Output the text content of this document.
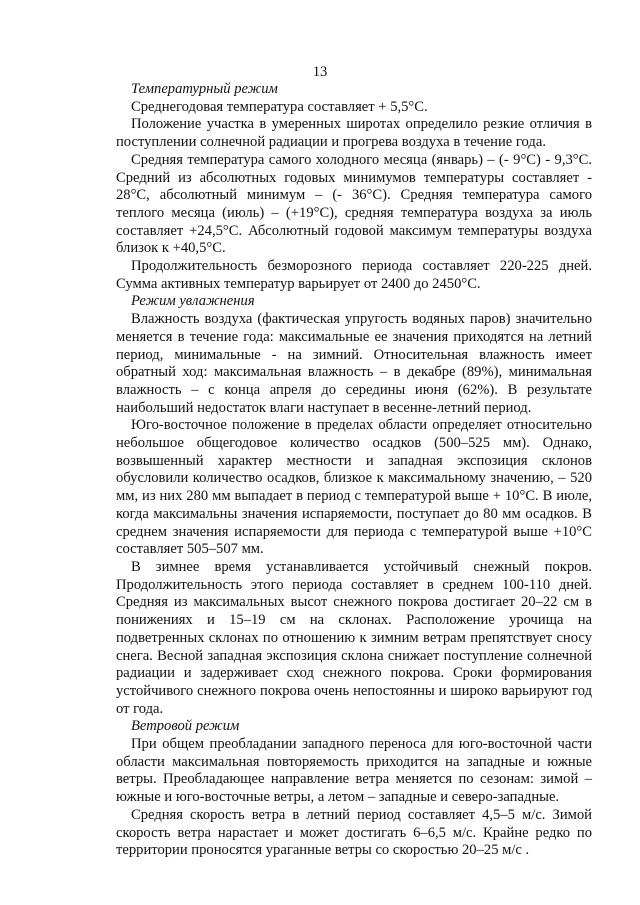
13
Температурный режим

Среднегодовая температура составляет + 5,5°С.

Положение участка в умеренных широтах определило резкие отличия в поступлении солнечной радиации и прогрева воздуха в течение года.

Средняя температура самого холодного месяца (январь) – (- 9°С) - 9,3°С. Средний из абсолютных годовых минимумов температуры составляет - 28°С, абсолютный минимум – (- 36°С). Средняя температура самого теплого месяца (июль) – (+19°С), средняя температура воздуха за июль составляет +24,5°С. Абсолютный годовой максимум температуры воздуха близок к +40,5°С.

Продолжительность безморозного периода составляет 220-225 дней. Сумма активных температур варьирует от 2400 до 2450°С.

Режим увлажнения

Влажность воздуха (фактическая упругость водяных паров) значительно меняется в течение года: максимальные ее значения приходятся на летний период, минимальные - на зимний. Относительная влажность имеет обратный ход: максимальная влажность – в декабре (89%), минимальная влажность – с конца апреля до середины июня (62%). В результате наибольший недостаток влаги наступает в весенне-летний период.

Юго-восточное положение в пределах области определяет относительно небольшое общегодовое количество осадков (500–525 мм). Однако, возвышенный характер местности и западная экспозиция склонов обусловили количество осадков, близкое к максимальному значению, – 520 мм, из них 280 мм выпадает в период с температурой выше + 10°С. В июле, когда максимальны значения испаряемости, поступает до 80 мм осадков. В среднем значения испаряемости для периода с температурой выше +10°С составляет 505–507 мм.

В зимнее время устанавливается устойчивый снежный покров. Продолжительность этого периода составляет в среднем 100-110 дней. Средняя из максимальных высот снежного покрова достигает 20–22 см в понижениях и 15–19 см на склонах. Расположение урочища на подветренных склонах по отношению к зимним ветрам препятствует сносу снега. Весной западная экспозиция склона снижает поступление солнечной радиации и задерживает сход снежного покрова. Сроки формирования устойчивого снежного покрова очень непостоянны и широко варьируют год от года.

Ветровой режим

При общем преобладании западного переноса для юго-восточной части области максимальная повторяемость приходится на западные и южные ветры. Преобладающее направление ветра меняется по сезонам: зимой – южные и юго-восточные ветры, а летом – западные и северо-западные.

Средняя скорость ветра в летний период составляет 4,5–5 м/с. Зимой скорость ветра нарастает и может достигать 6–6,5 м/с. Крайне редко по территории проносятся ураганные ветры со скоростью 20–25 м/с .
